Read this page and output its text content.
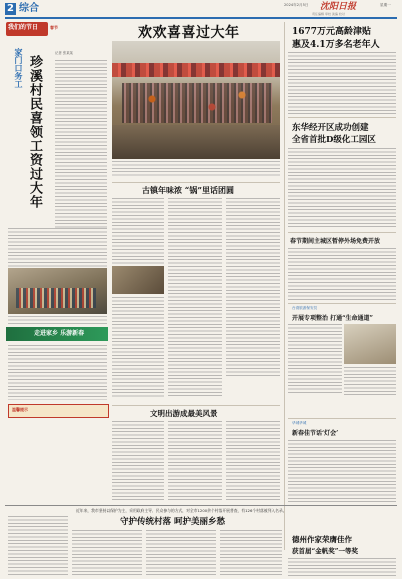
2 综合	沈阳日报
2024年2月5日	星期一
责任编辑 审校 美编 校对
我们的节日	春节
家门口务工 珍溪村民喜领工资过大年
记者 张某某
走进家乡 乐游新春
温馨提示
欢欢喜喜过大年
古镇年味浓 “锅”里话团圆
1677万元高龄津贴
惠及4.1万多名老年人
东华经开区成功创建
全省首批D级化工园区
春节期间主城区暂停外场免费开放
台湾旅游保安员
开展专项整治 打通“生命通道”
文明出游成最美风景
华城华城
新春佳节话‘灯会’
近年来，我市坚持以保护为主，采用政府主导、民众参与的方式，对全市1200余个村落开展普查，有126个村落被列入名录。
守护传统村落 呵护美丽乡愁
德州作家荣膺佳作
获首届“金帆奖”一等奖
